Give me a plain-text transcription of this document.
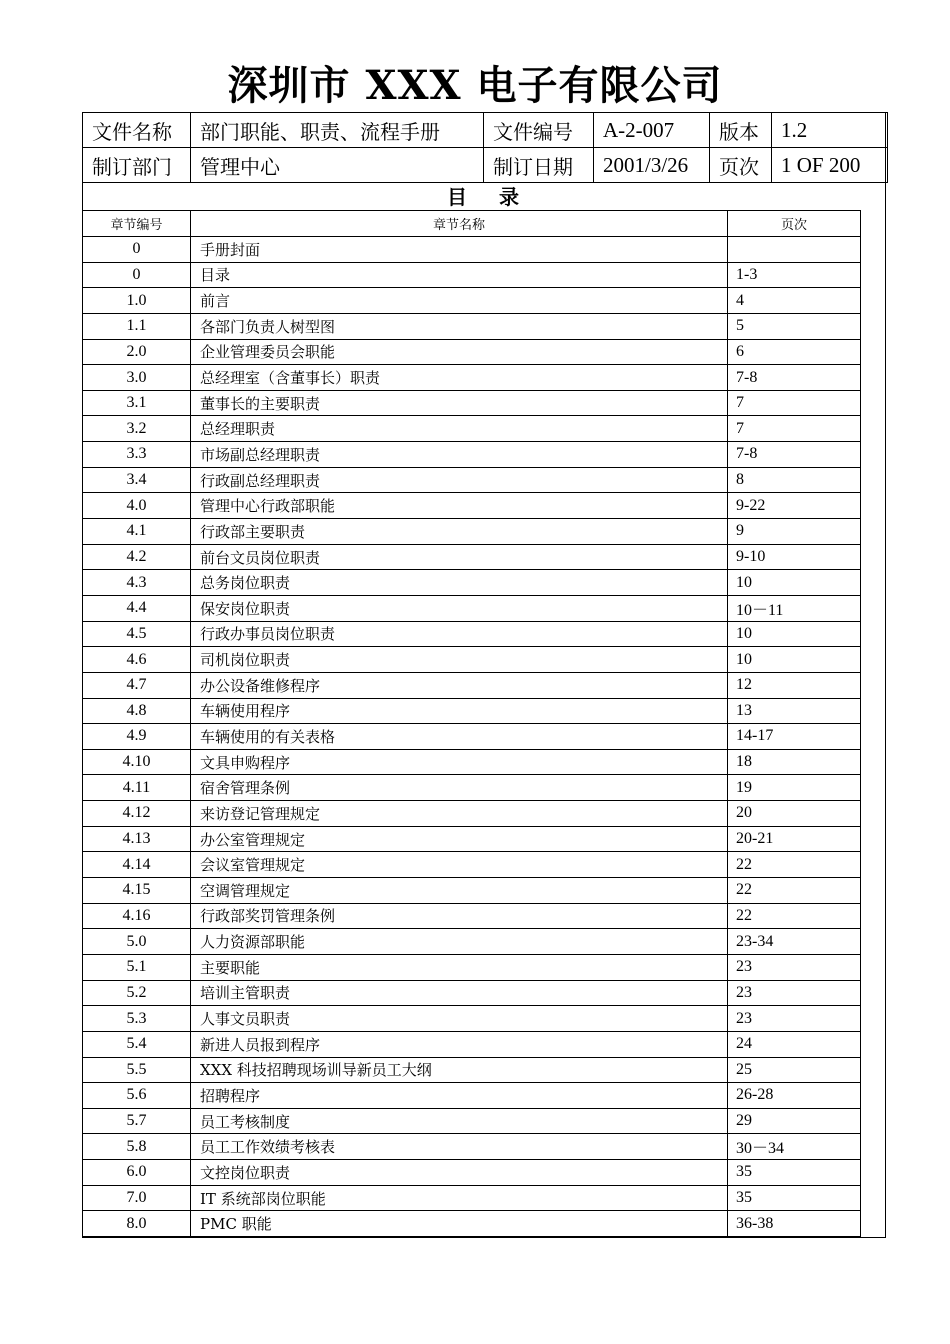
深圳市 XXX 电子有限公司
文件名称	部门职能、职责、流程手册	文件编号	A-2-007	版本	1.2
制订部门	管理中心	制订日期	2001/3/26	页次	1 OF 200
目 录
章节编号	章节名称	页次
0	手册封面	
0	目录	1-3
1.0	前言	4
1.1	各部门负责人树型图	5
2.0	企业管理委员会职能	6
3.0	总经理室（含董事长）职责	7-8
3.1	董事长的主要职责	7
3.2	总经理职责	7
3.3	市场副总经理职责	7-8
3.4	行政副总经理职责	8
4.0	管理中心行政部职能	9-22
4.1	行政部主要职责	9
4.2	前台文员岗位职责	9-10
4.3	总务岗位职责	10
4.4	保安岗位职责	10－11
4.5	行政办事员岗位职责	10
4.6	司机岗位职责	10
4.7	办公设备维修程序	12
4.8	车辆使用程序	13
4.9	车辆使用的有关表格	14-17
4.10	文具申购程序	18
4.11	宿舍管理条例	19
4.12	来访登记管理规定	20
4.13	办公室管理规定	20-21
4.14	会议室管理规定	22
4.15	空调管理规定	22
4.16	行政部奖罚管理条例	22
5.0	人力资源部职能	23-34
5.1	主要职能	23
5.2	培训主管职责	23
5.3	人事文员职责	23
5.4	新进人员报到程序	24
5.5	XXX 科技招聘现场训导新员工大纲	25
5.6	招聘程序	26-28
5.7	员工考核制度	29
5.8	员工工作效绩考核表	30－34
6.0	文控岗位职责	35
7.0	IT 系统部岗位职能	35
8.0	PMC 职能	36-38
